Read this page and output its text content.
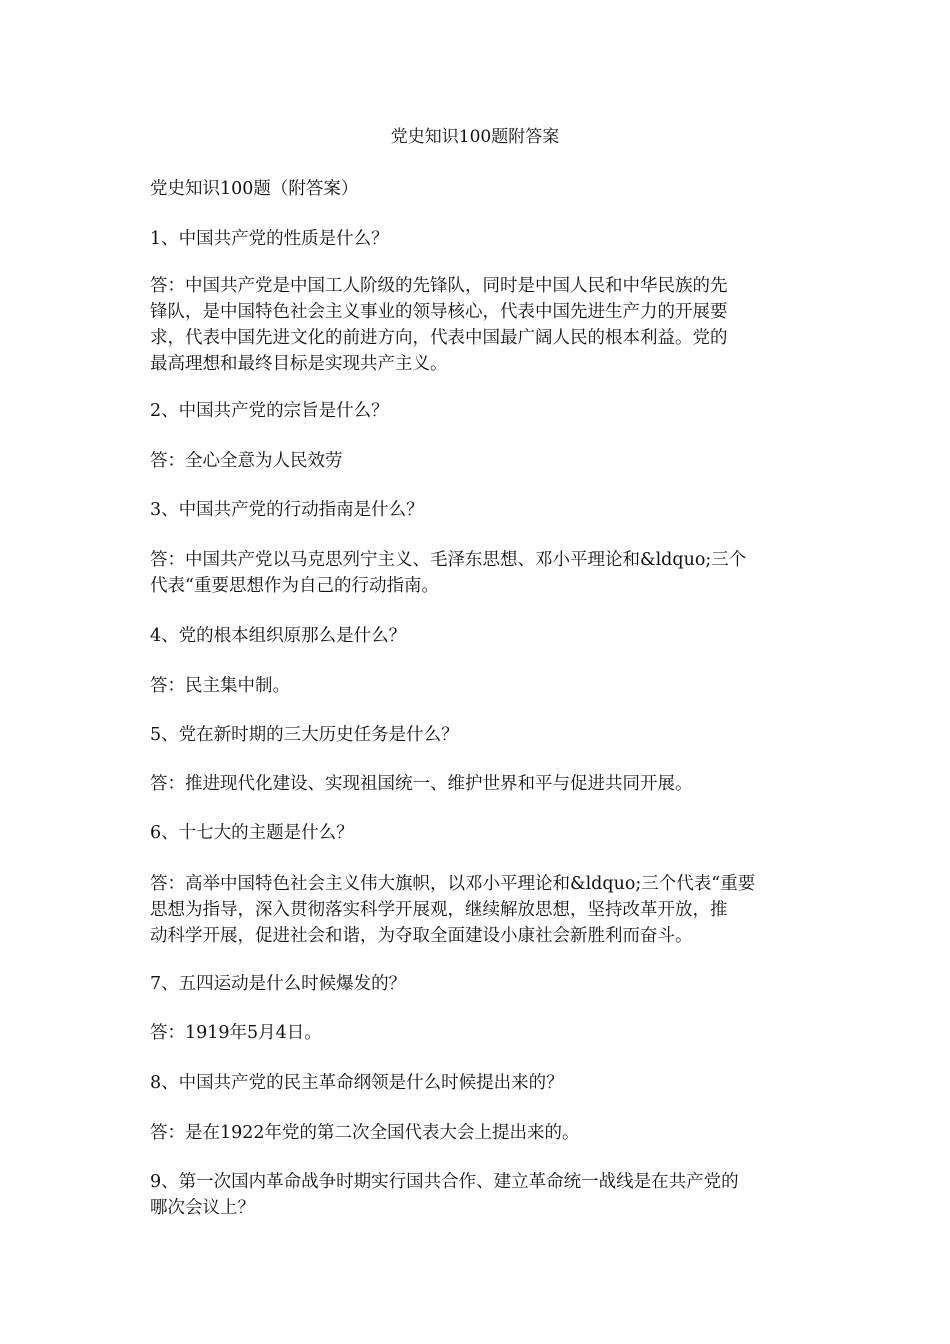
党史知识100题附答案
党史知识100题（附答案）
1、中国共产党的性质是什么？
答：中国共产党是中国工人阶级的先锋队，同时是中国人民和中华民族的先
锋队，是中国特色社会主义事业的领导核心，代表中国先进生产力的开展要
求，代表中国先进文化的前进方向，代表中国最广阔人民的根本利益。党的
最高理想和最终目标是实现共产主义。
2、中国共产党的宗旨是什么？
答：全心全意为人民效劳
3、中国共产党的行动指南是什么？
答：中国共产党以马克思列宁主义、毛泽东思想、邓小平理论和&ldquo;三个
代表“重要思想作为自己的行动指南。
4、党的根本组织原那么是什么？
答：民主集中制。
5、党在新时期的三大历史任务是什么？
答：推进现代化建设、实现祖国统一、维护世界和平与促进共同开展。
6、十七大的主题是什么？
答：高举中国特色社会主义伟大旗帜，以邓小平理论和&ldquo;三个代表“重要
思想为指导，深入贯彻落实科学开展观，继续解放思想，坚持改革开放，推
动科学开展，促进社会和谐，为夺取全面建设小康社会新胜利而奋斗。
7、五四运动是什么时候爆发的？
答：1919年5月4日。
8、中国共产党的民主革命纲领是什么时候提出来的？
答：是在1922年党的第二次全国代表大会上提出来的。
9、第一次国内革命战争时期实行国共合作、建立革命统一战线是在共产党的
哪次会议上？
